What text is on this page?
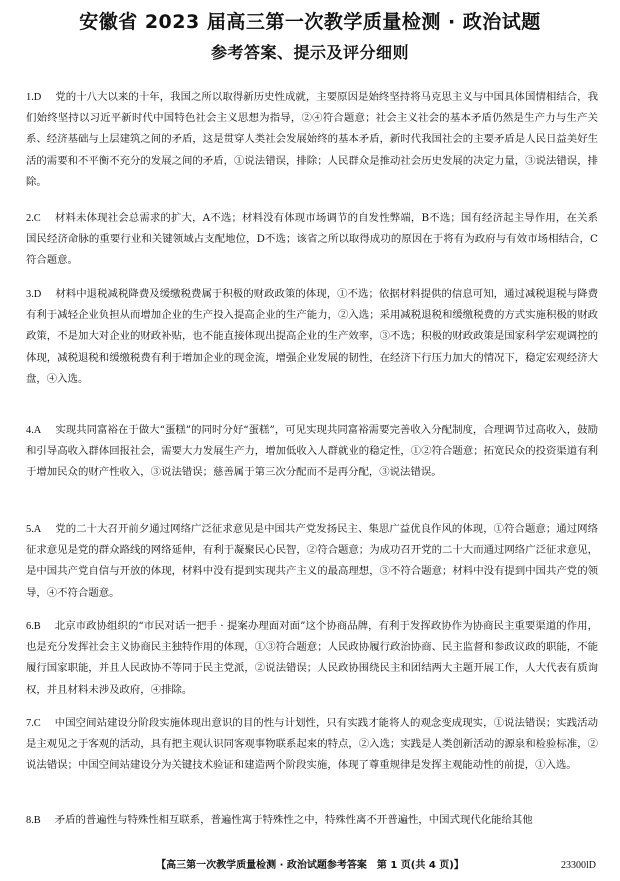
安徽省 2023 届高三第一次教学质量检测 · 政治试题
参考答案、提示及评分细则
1.D 党的十八大以来的十年，我国之所以取得新历史性成就，主要原因是始终坚持将马克思主义与中国具体国情相结合，我们始终坚持以习近平新时代中国特色社会主义思想为指导，②④符合题意；社会主义社会的基本矛盾仍然是生产力与生产关系、经济基础与上层建筑之间的矛盾，这是贯穿人类社会发展始终的基本矛盾，新时代我国社会的主要矛盾是人民日益美好生活的需要和不平衡不充分的发展之间的矛盾，①说法错误，排除；人民群众是推动社会历史发展的决定力量，③说法错误，排除。
2.C 材料未体现社会总需求的扩大，A不选；材料没有体现市场调节的自发性弊端，B不选；国有经济起主导作用，在关系国民经济命脉的重要行业和关键领域占支配地位，D不选；该省之所以取得成功的原因在于将有为政府与有效市场相结合，C符合题意。
3.D 材料中退税减税降费及缓缴税费属于积极的财政政策的体现，①不选；依据材料提供的信息可知，通过减税退税与降费有利于减轻企业负担从而增加企业的生产投入提高企业的生产能力，②入选；采用减税退税和缓缴税费的方式实施积极的财政政策，不是加大对企业的财政补贴，也不能直接体现出提高企业的生产效率，③不选；积极的财政政策是国家科学宏观调控的体现，减税退税和缓缴税费有利于增加企业的现金流，增强企业发展的韧性，在经济下行压力加大的情况下，稳定宏观经济大盘，④入选。
4.A 实现共同富裕在于做大“蛋糕”的同时分好“蛋糕”，可见实现共同富裕需要完善收入分配制度，合理调节过高收入，鼓励和引导高收入群体回报社会，需要大力发展生产力，增加低收入人群就业的稳定性，①②符合题意；拓宽民众的投资渠道有利于增加民众的财产性收入，③说法错误；慈善属于第三次分配而不是再分配，③说法错误。
5.A 党的二十大召开前夕通过网络广泛征求意见是中国共产党发扬民主、集思广益优良作风的体现，①符合题意；通过网络征求意见是党的群众路线的网络延伸，有利于凝聚民心民智，②符合题意；为成功召开党的二十大而通过网络广泛征求意见，是中国共产党自信与开放的体现，材料中没有提到实现共产主义的最高理想，③不符合题意；材料中没有提到中国共产党的领导，④不符合题意。
6.B 北京市政协组织的“市民对话一把手 · 提案办理面对面”这个协商品牌，有利于发挥政协作为协商民主重要渠道的作用，也是充分发挥社会主义协商民主独特作用的体现，①③符合题意；人民政协履行政治协商、民主监督和参政议政的职能，不能履行国家职能，并且人民政协不等同于民主党派，②说法错误；人民政协围绕民主和团结两大主题开展工作，人大代表有质询权，并且材料未涉及政府，④排除。
7.C 中国空间站建设分阶段实施体现出意识的目的性与计划性，只有实践才能将人的观念变成现实，①说法错误；实践活动是主观见之于客观的活动，具有把主观认识同客观事物联系起来的特点，②入选；实践是人类创新活动的源泉和检验标准，②说法错误；中国空间站建设分为关键技术验证和建造两个阶段实施，体现了尊重规律是发挥主观能动性的前提，①入选。
8.B 矛盾的普遍性与特殊性相互联系，普遍性寓于特殊性之中，特殊性离不开普遍性，中国式现代化能给其他
【高三第一次教学质量检测 · 政治试题参考答案　第 1 页(共 4 页)】	23300lD
